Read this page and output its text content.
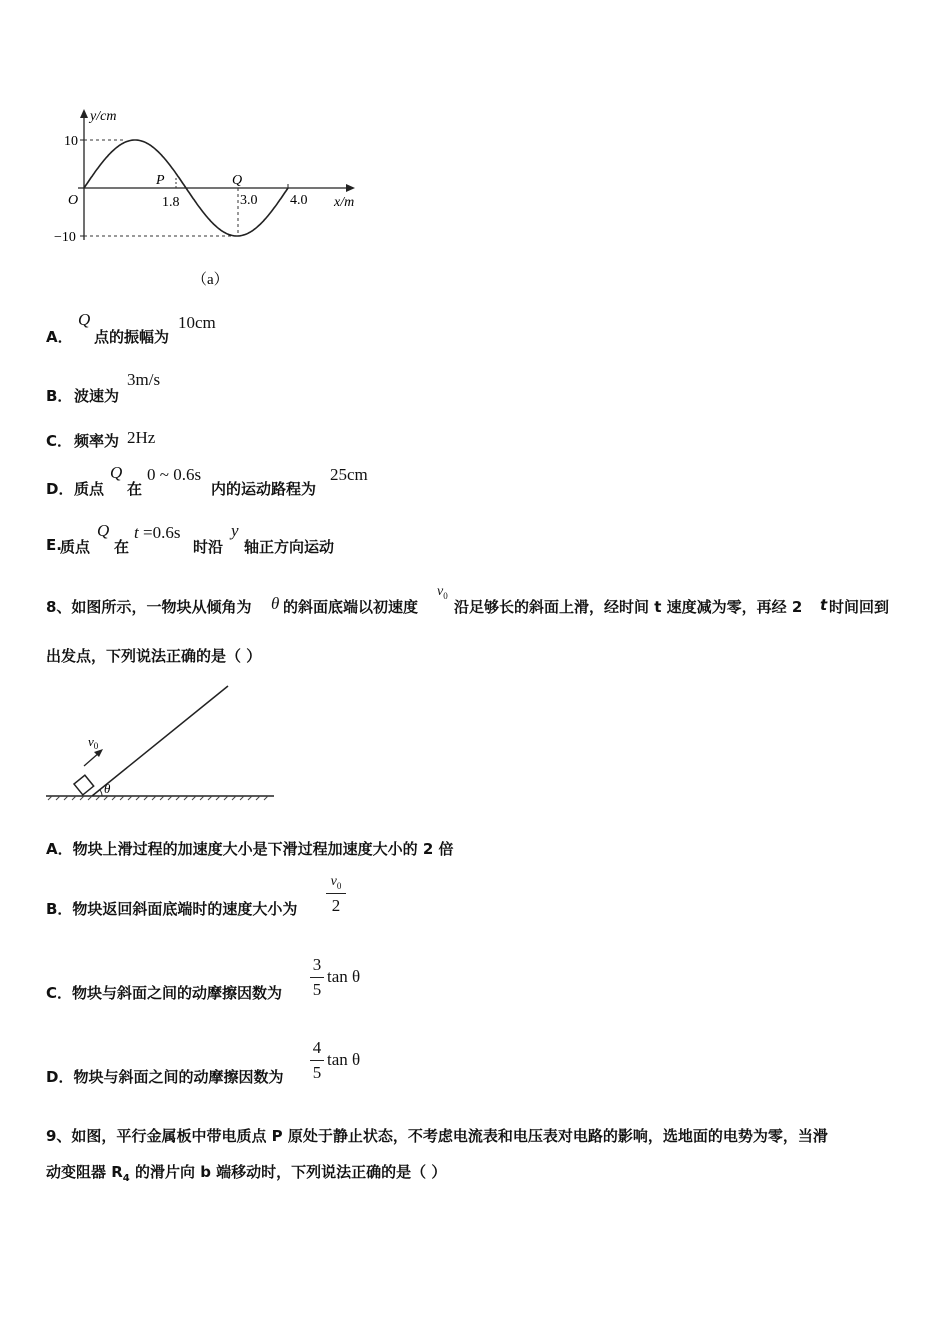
y/cm
x/m
O
10
−10
1.8	3.0 4.0
P	Q
（a）
A．
Q
点的振幅为
10cm
B． 波速为
3m/s
C． 频率为 2Hz
D． 质点
Q
在
0 ~ 0.6s
内的运动路程为
25cm
E.
质点
Q
在
t =0.6s
时沿
y
轴正方向运动
8、如图所示，一物块从倾角为 θ 的斜面底端以初速度
$v_0$
沿足够长的斜面上滑，经时间 t 速度减为零，再经 2 t 时间回到
出发点，下列说法正确的是（ ）
$v_0$
θ
A．物块上滑过程的加速度大小是下滑过程加速度大小的 2 倍
B．物块返回斜面底端时的速度大小为
$v_0$
2
C．物块与斜面之间的动摩擦因数为
3
5
tan θ
D．物块与斜面之间的动摩擦因数为
4
5
tan θ
9、如图，平行金属板中带电质点 P 原处于静止状态，不考虑电流表和电压表对电路的影响，选地面的电势为零，当滑
动变阻器 $R_4$ 的滑片向 b 端移动时，下列说法正确的是（ ）
